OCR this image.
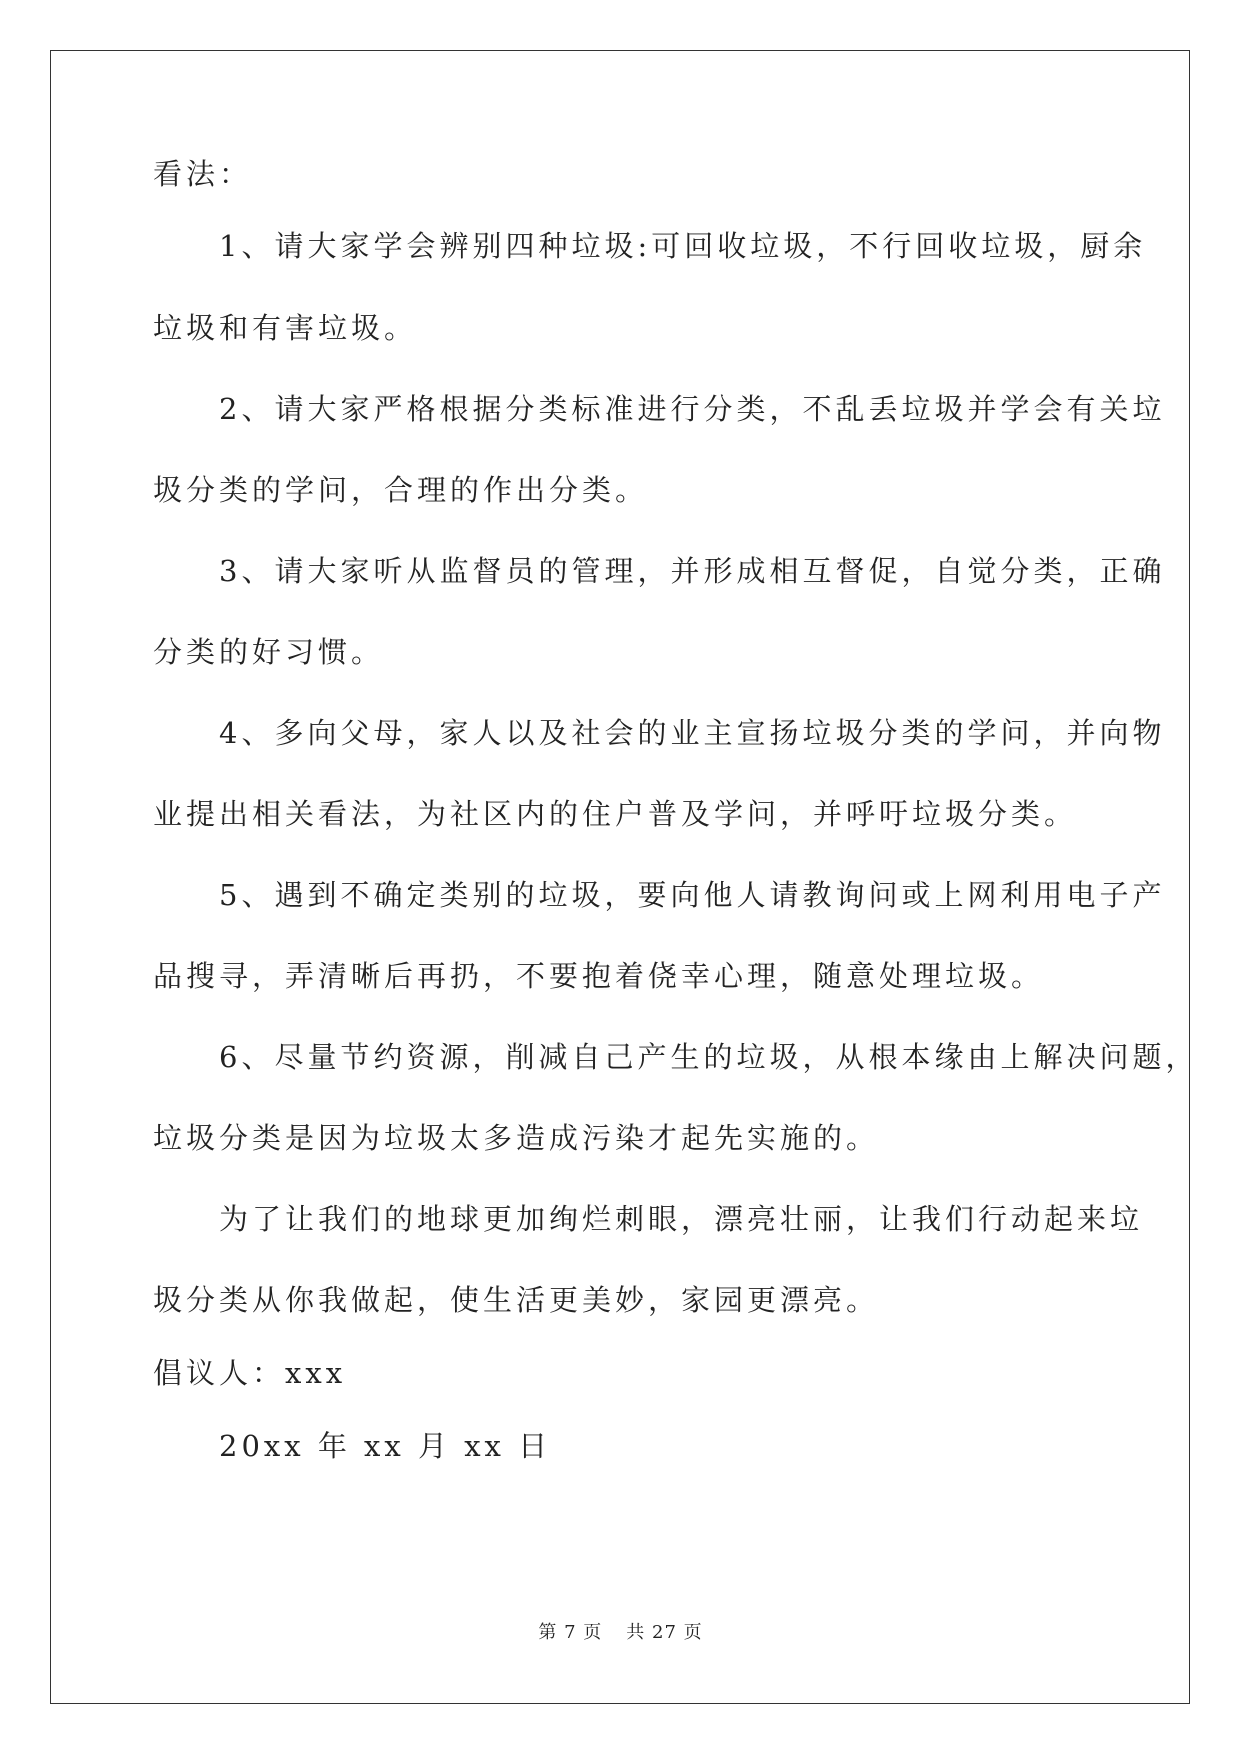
看法：
　　1、请大家学会辨别四种垃圾:可回收垃圾，不行回收垃圾，厨余
垃圾和有害垃圾。
　　2、请大家严格根据分类标准进行分类，不乱丢垃圾并学会有关垃
圾分类的学问，合理的作出分类。
　　3、请大家听从监督员的管理，并形成相互督促，自觉分类，正确
分类的好习惯。
　　4、多向父母，家人以及社会的业主宣扬垃圾分类的学问，并向物
业提出相关看法，为社区内的住户普及学问，并呼吁垃圾分类。
　　5、遇到不确定类别的垃圾，要向他人请教询问或上网利用电子产
品搜寻，弄清晰后再扔，不要抱着侥幸心理，随意处理垃圾。
　　6、尽量节约资源，削减自己产生的垃圾，从根本缘由上解决问题，
垃圾分类是因为垃圾太多造成污染才起先实施的。
　　为了让我们的地球更加绚烂刺眼，漂亮壮丽，让我们行动起来垃
圾分类从你我做起，使生活更美妙，家园更漂亮。
倡议人：xxx
　　20xx 年 xx 月 xx 日
第 7 页 共 27 页
